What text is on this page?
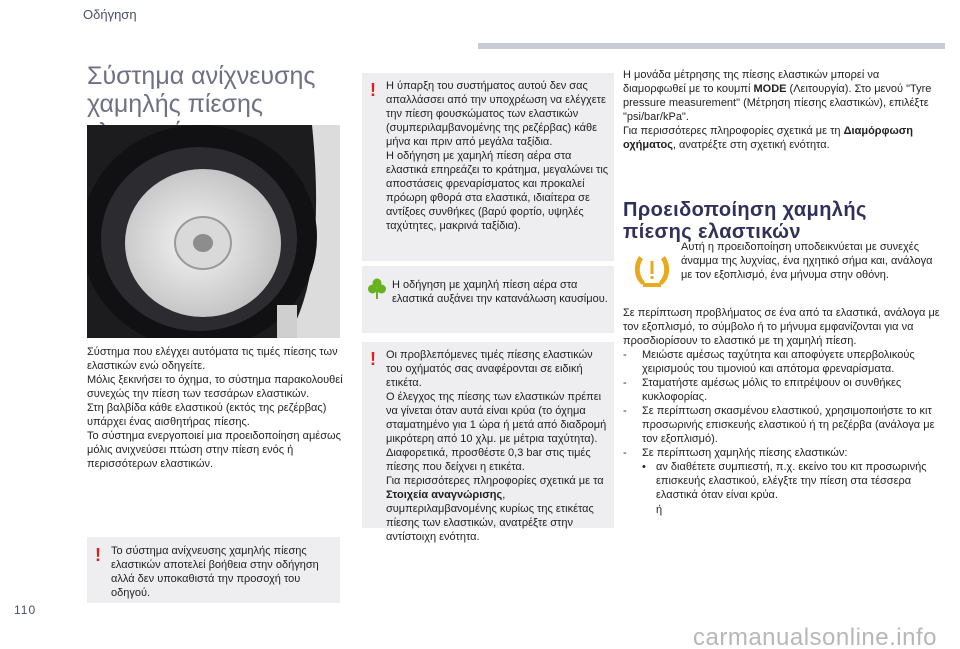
Οδήγηση
Σύστημα ανίχνευσης χαμηλής πίεσης
Σύστημα που ελέγχει αυτόματα τις τιμές πίεσης των ελαστικών ενώ οδηγείτε.
Μόλις ξεκινήσει το όχημα, το σύστημα παρακολουθεί συνεχώς την πίεση των τεσσάρων ελαστικών.
Στη βαλβίδα κάθε ελαστικού (εκτός της ρεζέρβας) υπάρχει ένας αισθητήρας πίεσης.
Το σύστημα ενεργοποιεί μια προειδοποίηση αμέσως μόλις ανιχνεύσει πτώση στην πίεση ενός ή περισσότερων ελαστικών.
! Το σύστημα ανίχνευσης χαμηλής πίεσης ελαστικών αποτελεί βοήθεια στην οδήγηση αλλά δεν υποκαθιστά την προσοχή του οδηγού.
! Η ύπαρξη του συστήματος αυτού δεν σας απαλλάσσει από την υποχρέωση να ελέγχετε την πίεση φουσκώματος των ελαστικών (συμπεριλαμβανομένης της ρεζέρβας) κάθε μήνα και πριν από μεγάλα ταξίδια.
Η οδήγηση με χαμηλή πίεση αέρα στα ελαστικά επηρεάζει το κράτημα, μεγαλώνει τις αποστάσεις φρεναρίσματος και προκαλεί πρόωρη φθορά στα ελαστικά, ιδιαίτερα σε αντίξοες συνθήκες (βαρύ φορτίο, υψηλές ταχύτητες, μακρινά ταξίδια).
Η οδήγηση με χαμηλή πίεση αέρα στα ελαστικά αυξάνει την κατανάλωση καυσίμου.
! Οι προβλεπόμενες τιμές πίεσης ελαστικών του οχήματός σας αναφέρονται σε ειδική ετικέτα.
Ο έλεγχος της πίεσης των ελαστικών πρέπει να γίνεται όταν αυτά είναι κρύα (το όχημα σταματημένο για 1 ώρα ή μετά από διαδρομή μικρότερη από 10 χλμ. με μέτρια ταχύτητα).
Διαφορετικά, προσθέστε 0,3 bar στις τιμές πίεσης που δείχνει η ετικέτα.
Για περισσότερες πληροφορίες σχετικά με τα Στοιχεία αναγνώρισης, συμπεριλαμβανομένης κυρίως της ετικέτας πίεσης των ελαστικών, ανατρέξτε στην αντίστοιχη ενότητα.
Η μονάδα μέτρησης της πίεσης ελαστικών μπορεί να διαμορφωθεί με το κουμπί MODE (Λειτουργία). Στο μενού "Tyre pressure measurement" (Μέτρηση πίεσης ελαστικών), επιλέξτε "psi/bar/kPa".
Για περισσότερες πληροφορίες σχετικά με τη Διαμόρφωση οχήματος, ανατρέξτε στη σχετική ενότητα.
Προειδοποίηση χαμηλής πίεσης ελαστικών
Αυτή η προειδοποίηση υποδεικνύεται με συνεχές άναμμα της λυχνίας, ένα ηχητικό σήμα και, ανάλογα με τον εξοπλισμό, ένα μήνυμα στην οθόνη.
Σε περίπτωση προβλήματος σε ένα από τα ελαστικά, ανάλογα με τον εξοπλισμό, το σύμβολο ή το μήνυμα εμφανίζονται για να προσδιορίσουν το ελαστικό με τη χαμηλή πίεση.
-	Μειώστε αμέσως ταχύτητα και αποφύγετε υπερβολικούς χειρισμούς του τιμονιού και απότομα φρεναρίσματα.
-	Σταματήστε αμέσως μόλις το επιτρέψουν οι συνθήκες κυκλοφορίας.
-	Σε περίπτωση σκασμένου ελαστικού, χρησιμοποιήστε το κιτ προσωρινής επισκευής ελαστικού ή τη ρεζέρβα (ανάλογα με τον εξοπλισμό).
-	Σε περίπτωση χαμηλής πίεσης ελαστικών:
• αν διαθέτετε συμπιεστή, π.χ. εκείνο του κιτ προσωρινής επισκευής ελαστικού, ελέγξτε την πίεση στα τέσσερα ελαστικά όταν είναι κρύα.
ή
110
carmanualsonline.info
